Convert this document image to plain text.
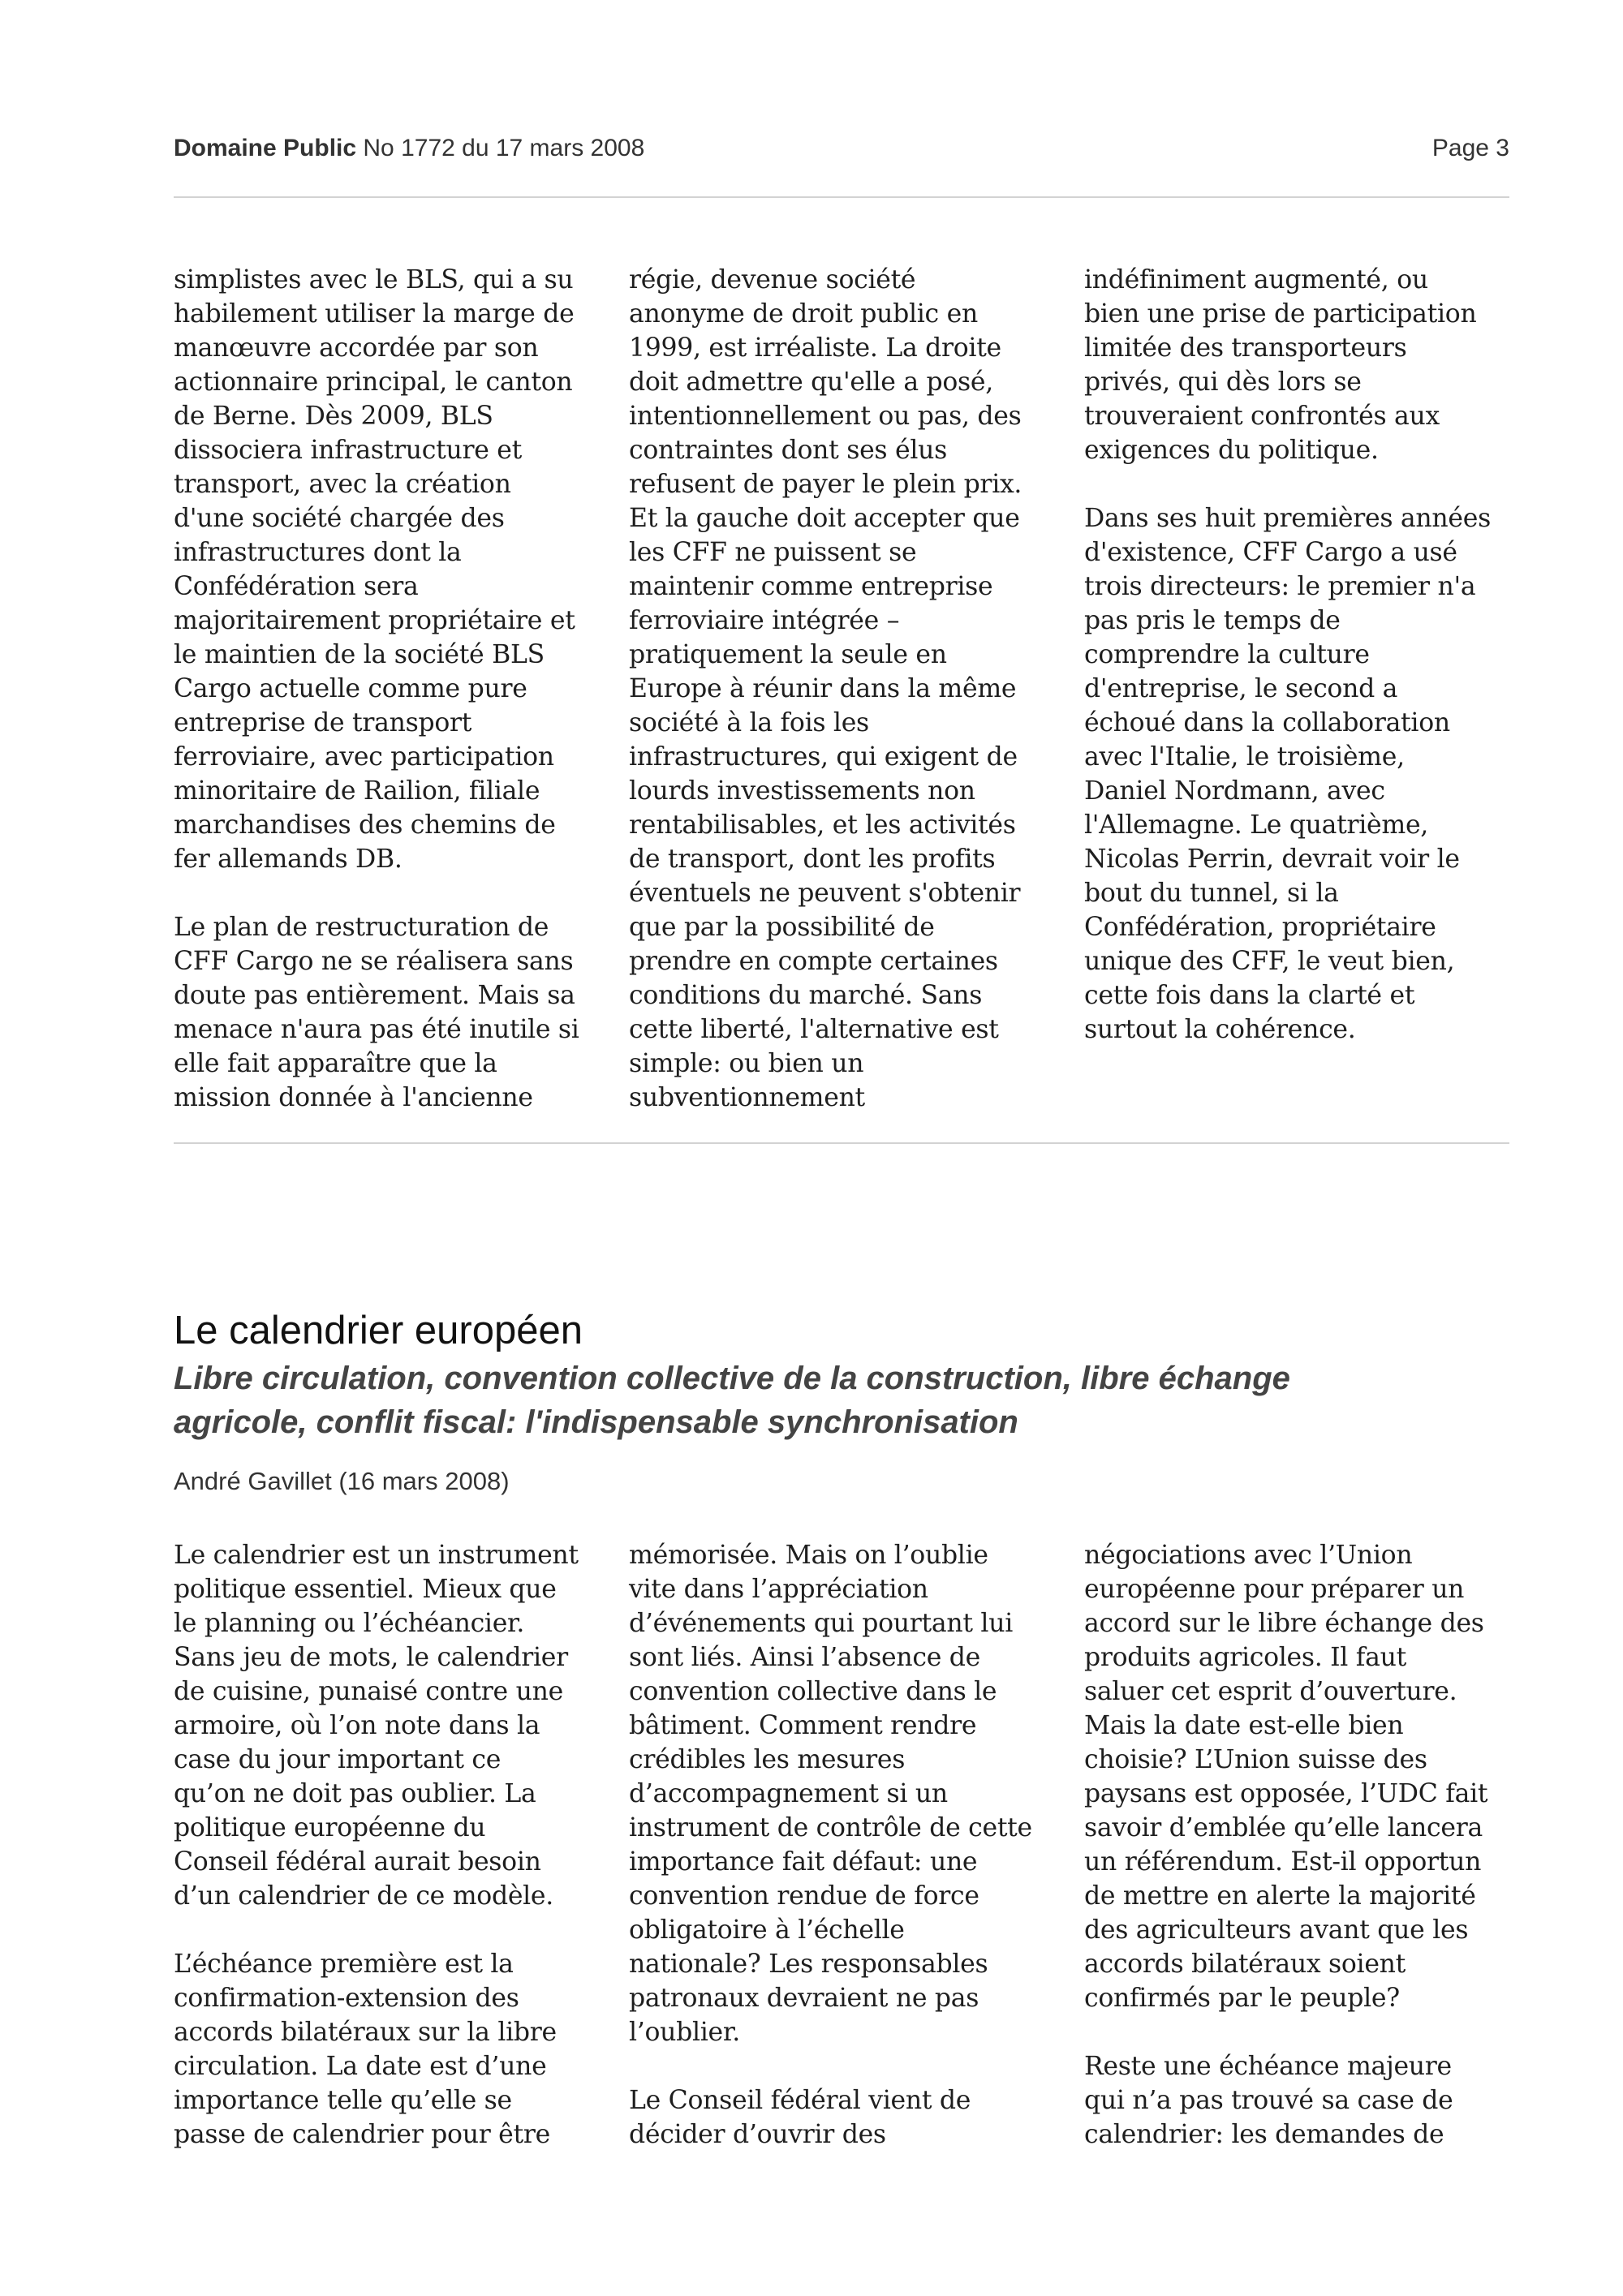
Domaine Public No 1772 du 17 mars 2008	Page 3

simplistes avec le BLS, qui a su
habilement utiliser la marge de
manœuvre accordée par son
actionnaire principal, le canton
de Berne. Dès 2009, BLS
dissociera infrastructure et
transport, avec la création
d'une société chargée des
infrastructures dont la
Confédération sera
majoritairement propriétaire et
le maintien de la société BLS
Cargo actuelle comme pure
entreprise de transport
ferroviaire, avec participation
minoritaire de Railion, filiale
marchandises des chemins de
fer allemands DB.

Le plan de restructuration de
CFF Cargo ne se réalisera sans
doute pas entièrement. Mais sa
menace n'aura pas été inutile si
elle fait apparaître que la
mission donnée à l'ancienne

régie, devenue société
anonyme de droit public en
1999, est irréaliste. La droite
doit admettre qu'elle a posé,
intentionnellement ou pas, des
contraintes dont ses élus
refusent de payer le plein prix.
Et la gauche doit accepter que
les CFF ne puissent se
maintenir comme entreprise
ferroviaire intégrée –
pratiquement la seule en
Europe à réunir dans la même
société à la fois les
infrastructures, qui exigent de
lourds investissements non
rentabilisables, et les activités
de transport, dont les profits
éventuels ne peuvent s'obtenir
que par la possibilité de
prendre en compte certaines
conditions du marché. Sans
cette liberté, l'alternative est
simple: ou bien un
subventionnement

indéfiniment augmenté, ou
bien une prise de participation
limitée des transporteurs
privés, qui dès lors se
trouveraient confrontés aux
exigences du politique.

Dans ses huit premières années
d'existence, CFF Cargo a usé
trois directeurs: le premier n'a
pas pris le temps de
comprendre la culture
d'entreprise, le second a
échoué dans la collaboration
avec l'Italie, le troisième,
Daniel Nordmann, avec
l'Allemagne. Le quatrième,
Nicolas Perrin, devrait voir le
bout du tunnel, si la
Confédération, propriétaire
unique des CFF, le veut bien,
cette fois dans la clarté et
surtout la cohérence.

Le calendrier européen
Libre circulation, convention collective de la construction, libre échange
agricole, conflit fiscal: l'indispensable synchronisation
André Gavillet (16 mars 2008)

Le calendrier est un instrument
politique essentiel. Mieux que
le planning ou l’échéancier.
Sans jeu de mots, le calendrier
de cuisine, punaisé contre une
armoire, où l’on note dans la
case du jour important ce
qu’on ne doit pas oublier. La
politique européenne du
Conseil fédéral aurait besoin
d’un calendrier de ce modèle.

L’échéance première est la
confirmation-extension des
accords bilatéraux sur la libre
circulation. La date est d’une
importance telle qu’elle se
passe de calendrier pour être

mémorisée. Mais on l’oublie
vite dans l’appréciation
d’événements qui pourtant lui
sont liés. Ainsi l’absence de
convention collective dans le
bâtiment. Comment rendre
crédibles les mesures
d’accompagnement si un
instrument de contrôle de cette
importance fait défaut: une
convention rendue de force
obligatoire à l’échelle
nationale? Les responsables
patronaux devraient ne pas
l’oublier.

Le Conseil fédéral vient de
décider d’ouvrir des

négociations avec l’Union
européenne pour préparer un
accord sur le libre échange des
produits agricoles. Il faut
saluer cet esprit d’ouverture.
Mais la date est-elle bien
choisie? L’Union suisse des
paysans est opposée, l’UDC fait
savoir d’emblée qu’elle lancera
un référendum. Est-il opportun
de mettre en alerte la majorité
des agriculteurs avant que les
accords bilatéraux soient
confirmés par le peuple?

Reste une échéance majeure
qui n’a pas trouvé sa case de
calendrier: les demandes de
